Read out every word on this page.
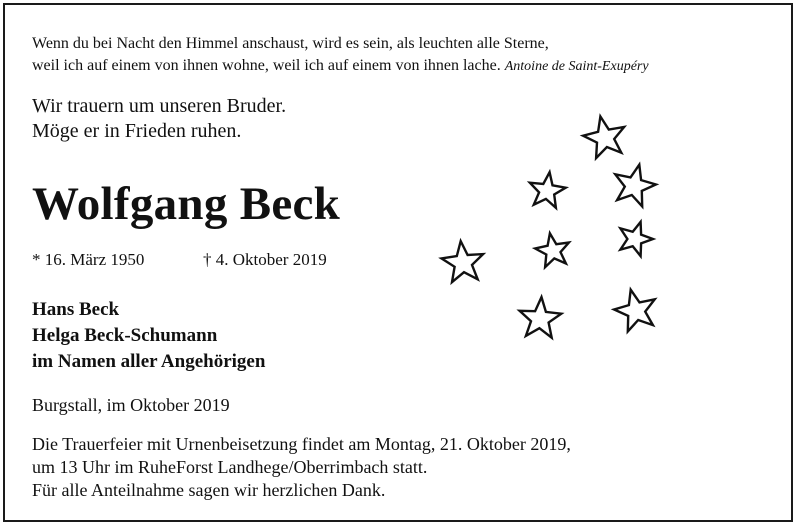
Wenn du bei Nacht den Himmel anschaust, wird es sein, als leuchten alle Sterne,

weil ich auf einem von ihnen wohne, weil ich auf einem von ihnen lache. Antoine de Saint-Exupéry

Wir trauern um unseren Bruder.

Möge er in Frieden ruhen.

Wolfgang Beck

* 16. März 1950	† 4. Oktober 2019

Hans Beck

Helga Beck-Schumann

im Namen aller Angehörigen

Burgstall, im Oktober 2019

Die Trauerfeier mit Urnenbeisetzung findet am Montag, 21. Oktober 2019,

um 13 Uhr im RuheForst Landhege/Oberrimbach statt.

Für alle Anteilnahme sagen wir herzlichen Dank.
